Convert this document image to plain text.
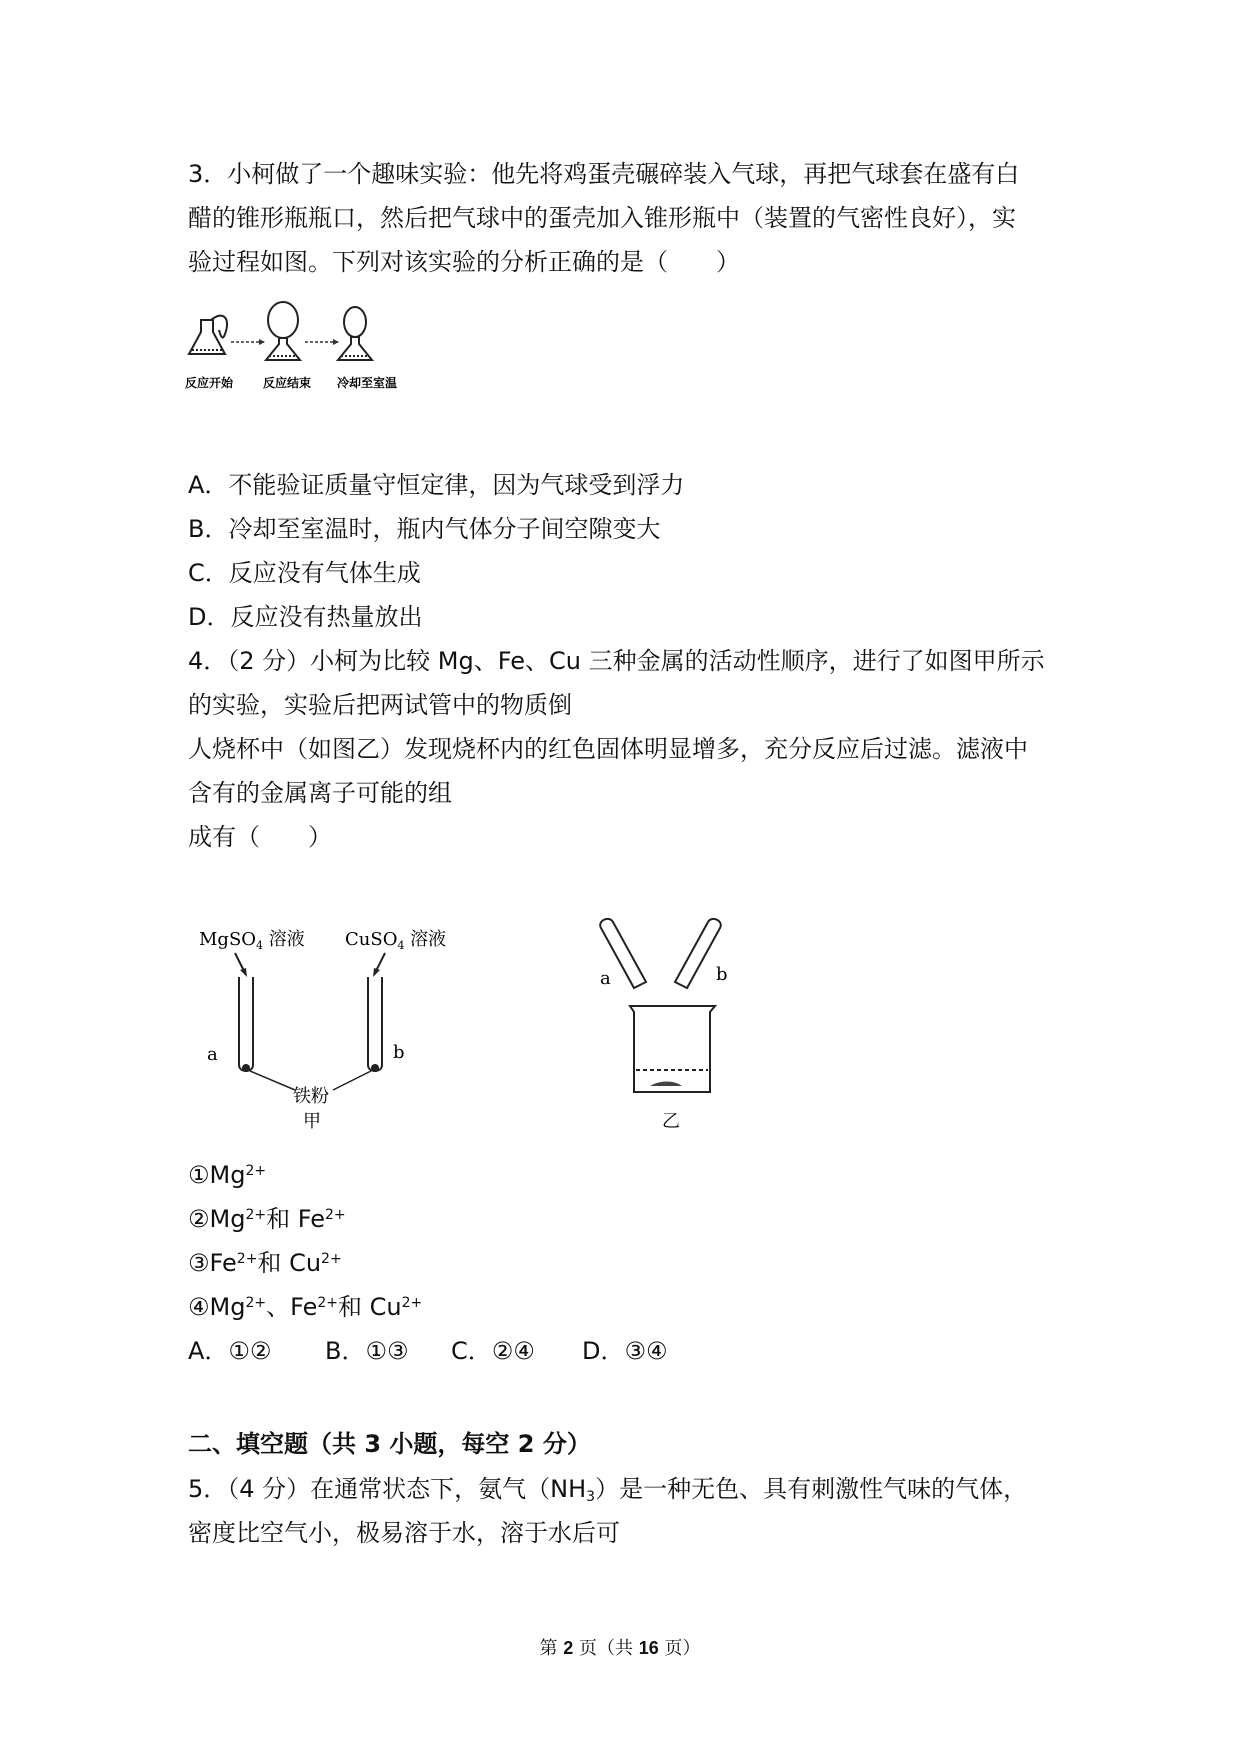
3．小柯做了一个趣味实验：他先将鸡蛋壳碾碎装入气球，再把气球套在盛有白
醋的锥形瓶瓶口，然后把气球中的蛋壳加入锥形瓶中（装置的气密性良好），实
验过程如图。下列对该实验的分析正确的是（　　）
反应开始 反应结束 冷却至室温
A．不能验证质量守恒定律，因为气球受到浮力
B．冷却至室温时，瓶内气体分子间空隙变大
C．反应没有气体生成
D．反应没有热量放出
4．（2 分）小柯为比较 Mg、Fe、Cu 三种金属的活动性顺序，进行了如图甲所示
的实验，实验后把两试管中的物质倒
人烧杯中（如图乙）发现烧杯内的红色固体明显增多，充分反应后过滤。滤液中
含有的金属离子可能的组
成有（　　）
MgSO$_4$ 溶液 CuSO$_4$ 溶液
a	b
铁粉
甲
a	b
乙
$①Mg^{2+}$
$②Mg^{2+}$和 $Fe^{2+}$
$③Fe^{2+}$和 $Cu^{2+}$
$④Mg^{2+}$、$Fe^{2+}$和 $Cu^{2+}$
A．①② B．①③ C．②④ D．③④
二、填空题（共 3 小题，每空 2 分）
5．（4 分）在通常状态下，氨气$(NH_3)$是一种无色、具有刺激性气味的气体，
密度比空气小，极易溶于水，溶于水后可
第 2 页（共 16 页）
